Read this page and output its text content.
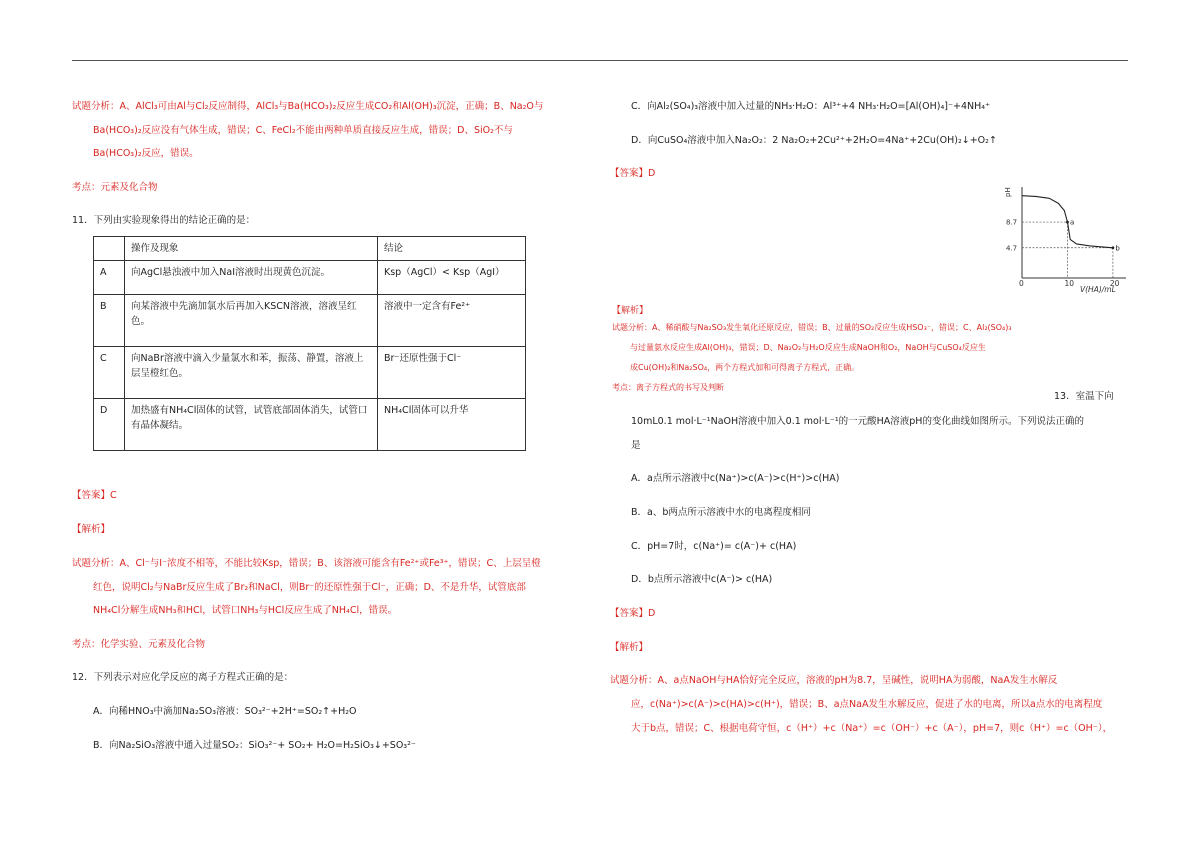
试题分析：A、AlCl₃可由Al与Cl₂反应制得，AlCl₃与Ba(HCO₃)₂反应生成CO₂和Al(OH)₃沉淀，正确；B、Na₂O与
Ba(HCO₃)₂反应没有气体生成，错误；C、FeCl₂不能由两种单质直接反应生成，错误；D、SiO₂不与
Ba(HCO₃)₂反应，错误。
考点：元素及化合物
11．下列由实验现象得出的结论正确的是：
	操作及现象	结论
A	向AgCl悬浊液中加入NaI溶液时出现黄色沉淀。	Ksp（AgCl）< Ksp（AgI）
B	向某溶液中先滴加氯水后再加入KSCN溶液，溶液呈红色。	溶液中一定含有Fe²⁺
C	向NaBr溶液中滴入少量氯水和苯，振荡、静置，溶液上层呈橙红色。	Br⁻还原性强于Cl⁻
D	加热盛有NH₄Cl固体的试管，试管底部固体消失，试管口有晶体凝结。	NH₄Cl固体可以升华
【答案】C
【解析】
试题分析：A、Cl⁻与I⁻浓度不相等，不能比较Ksp，错误；B、该溶液可能含有Fe²⁺或Fe³⁺，错误；C、上层呈橙
红色，说明Cl₂与NaBr反应生成了Br₂和NaCl，则Br⁻的还原性强于Cl⁻，正确；D、不是升华，试管底部
NH₄Cl分解生成NH₃和HCl，试管口NH₃与HCl反应生成了NH₄Cl，错误。
考点：化学实验、元素及化合物
12．下列表示对应化学反应的离子方程式正确的是：
A．向稀HNO₃中滴加Na₂SO₃溶液：SO₃²⁻+2H⁺=SO₂↑+H₂O
B．向Na₂SiO₃溶液中通入过量SO₂：SiO₃²⁻+ SO₂+ H₂O=H₂SiO₃↓+SO₃²⁻
C．向Al₂(SO₄)₃溶液中加入过量的NH₃·H₂O：Al³⁺+4 NH₃·H₂O=[Al(OH)₄]⁻+4NH₄⁺
D．向CuSO₄溶液中加入Na₂O₂：2 Na₂O₂+2Cu²⁺+2H₂O=4Na⁺+2Cu(OH)₂↓+O₂↑
【答案】D
pH
V(HA)/mL
0	10	20
8.7
4.7
a
b
【解析】
试题分析：A、稀硝酸与Na₂SO₃发生氧化还原反应，错误；B、过量的SO₂反应生成HSO₃⁻，错误；C、Al₂(SO₄)₃
与过量氨水反应生成Al(OH)₃，错误；D、Na₂O₂与H₂O反应生成NaOH和O₂，NaOH与CuSO₄反应生
成Cu(OH)₂和Na₂SO₄，两个方程式加和可得离子方程式，正确。
考点：离子方程式的书写及判断
13．室温下向
10mL0.1 mol·L⁻¹NaOH溶液中加入0.1 mol·L⁻¹的一元酸HA溶液pH的变化曲线如图所示。下列说法正确的
是
A．a点所示溶液中c(Na⁺)>c(A⁻)>c(H⁺)>c(HA)
B．a、b两点所示溶液中水的电离程度相同
C．pH=7时，c(Na⁺)= c(A⁻)+ c(HA)
D．b点所示溶液中c(A⁻)> c(HA)
【答案】D
【解析】
试题分析：A、a点NaOH与HA恰好完全反应，溶液的pH为8.7，呈碱性，说明HA为弱酸，NaA发生水解反
应，c(Na⁺)>c(A⁻)>c(HA)>c(H⁺)，错误；B、a点NaA发生水解反应，促进了水的电离，所以a点水的电离程度
大于b点，错误；C、根据电荷守恒，c（H⁺）+c（Na⁺）=c（OH⁻）+c（A⁻），pH=7，则c（H⁺）=c（OH⁻），
